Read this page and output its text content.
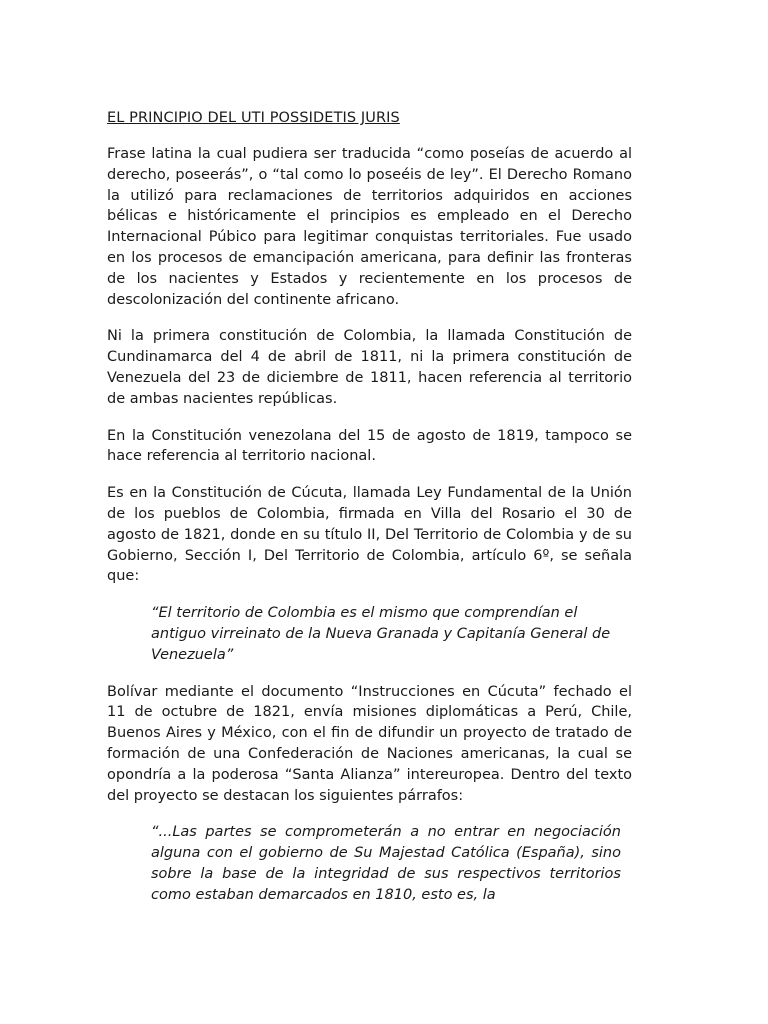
EL PRINCIPIO DEL UTI POSSIDETIS JURIS

Frase latina la cual pudiera ser traducida “como poseías de acuerdo al derecho, poseerás”, o “tal como lo poseéis de ley”. El Derecho Romano la utilizó para reclamaciones de territorios adquiridos en acciones bélicas e históricamente el principios es empleado en el Derecho Internacional Púbico para legitimar conquistas territoriales. Fue usado en los procesos de emancipación americana, para definir las fronteras de los nacientes y Estados y recientemente en los procesos de descolonización del continente africano.

Ni la primera constitución de Colombia, la llamada Constitución de Cundinamarca del 4 de abril de 1811, ni la primera constitución de Venezuela del 23 de diciembre de 1811, hacen referencia al territorio de ambas nacientes repúblicas.

En la Constitución venezolana del 15 de agosto de 1819, tampoco se hace referencia al territorio nacional.

Es en la Constitución de Cúcuta, llamada Ley Fundamental de la Unión de los pueblos de Colombia, firmada en Villa del Rosario el 30 de agosto de 1821, donde en su título II, Del Territorio de Colombia y de su Gobierno, Sección I, Del Territorio de Colombia, artículo 6º, se señala que:

“El territorio de Colombia es el mismo que comprendían el antiguo virreinato de la Nueva Granada y Capitanía General de Venezuela”

Bolívar mediante el documento “Instrucciones en Cúcuta” fechado el 11 de octubre de 1821, envía misiones diplomáticas a Perú, Chile, Buenos Aires y México, con el fin de difundir un proyecto de tratado de formación de una Confederación de Naciones americanas, la cual se opondría a la poderosa “Santa Alianza” intereuropea. Dentro del texto del proyecto se destacan los siguientes párrafos:

“...Las partes se comprometerán a no entrar en negociación alguna con el gobierno de Su Majestad Católica (España), sino sobre la base de la integridad de sus respectivos territorios como estaban demarcados en 1810, esto es, la
